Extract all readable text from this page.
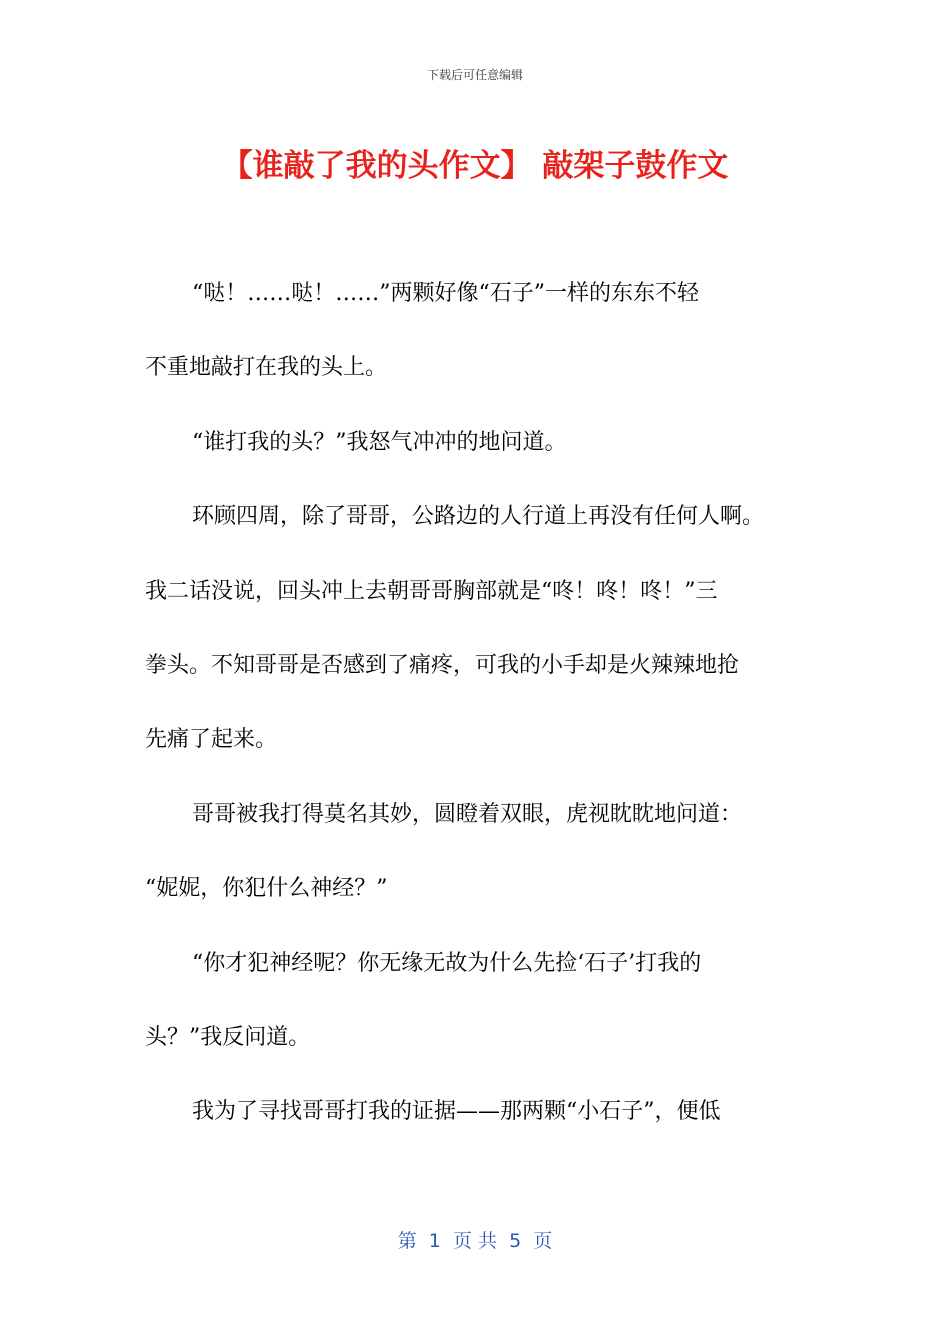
下载后可任意编辑
【谁敲了我的头作文】 敲架子鼓作文
“哒！……哒！……”两颗好像“石子”一样的东东不轻
不重地敲打在我的头上。
“谁打我的头？”我怒气冲冲的地问道。
环顾四周，除了哥哥，公路边的人行道上再没有任何人啊。
我二话没说，回头冲上去朝哥哥胸部就是“咚！咚！咚！”三
拳头。不知哥哥是否感到了痛疼，可我的小手却是火辣辣地抢
先痛了起来。
哥哥被我打得莫名其妙，圆瞪着双眼，虎视眈眈地问道：
“妮妮，你犯什么神经？”
“你才犯神经呢？你无缘无故为什么先捡‘石子’打我的
头？”我反问道。
我为了寻找哥哥打我的证据——那两颗“小石子”，便低
第  1  页 共  5  页
